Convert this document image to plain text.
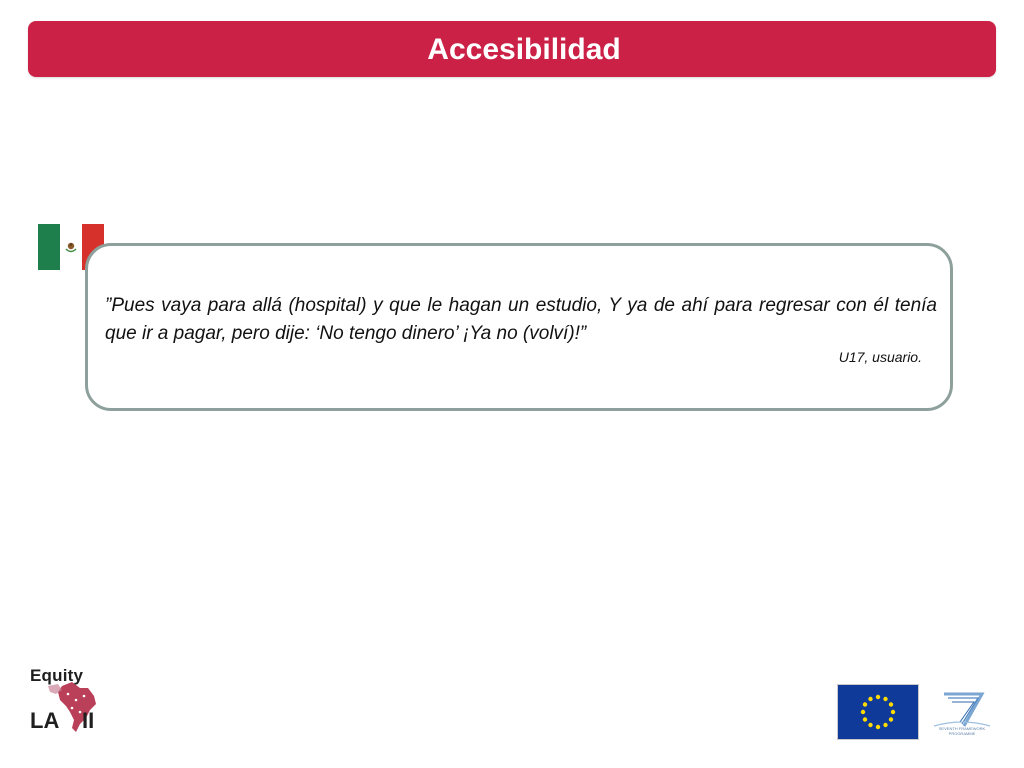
Accesibilidad
”Pues vaya para allá (hospital) y que le hagan un estudio, Y ya de ahí para regresar con él tenía que ir a pagar, pero dije: ‘No tengo dinero’ ¡Ya no (volví)!”
U17, usuario.
Equity
LA II	SEVENTH FRAMEWORK PROGRAMME
